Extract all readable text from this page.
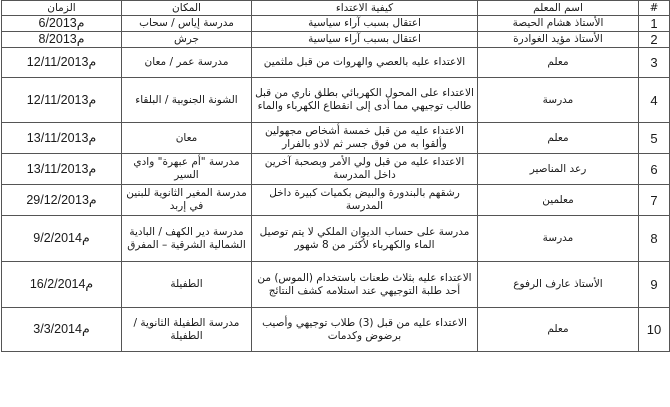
#	اسم المعلم	كيفية الاعتداء	المكان	الزمان
1	الأستاذ هشام الحيصة	اعتقال بسبب آراء سياسية	مدرسة إياس / سحاب	م6/2013
2	الأستاذ مؤيد الغوادرة	اعتقال بسبب آراء سياسية	جرش	م8/2013
3	معلم	الاعتداء عليه بالعصي والهروات من قبل ملثمين	مدرسة عمر / معان	م12/11/2013
4	مدرسة	الاعتداء على المحول الكهربائي بطلق ناري من قبل طالب توجيهي مما أدى إلى انقطاع الكهرباء والماء	الشونة الجنوبية / البلقاء	م12/11/2013
5	معلم	الاعتداء عليه من قبل خمسة أشخاص مجهولين وألقوا به من فوق جسر ثم لاذو بالفرار	معان	م13/11/2013
6	رعد المناصير	الاعتداء عليه من قبل ولي الأمر وبصحبة آخرين داخل المدرسة	مدرسة "أم عبهرة" وادي السير	م13/11/2013
7	معلمين	رشقهم بالبندورة والبيض بكميات كبيرة داخل المدرسة	مدرسة المغير الثانوية للبنين في إربد	م29/12/2013
8	مدرسة	مدرسة على حساب الديوان الملكي لا يتم توصيل الماء والكهرباء لأكثر من 8 شهور	مدرسة دير الكهف / البادية الشمالية الشرقية – المفرق	م9/2/2014
9	الأستاذ عارف الرفوع	الاعتداء عليه بثلاث طعنات باستخدام (الموس) من أحد طلبة التوجيهي عند استلامه كشف النتائج	الطفيلة	م16/2/2014
10	معلم	الاعتداء عليه من قبل (3) طلاب توجيهي وأصيب برضوض وكدمات	مدرسة الطفيلة الثانوية / الطفيلة	م3/3/2014
